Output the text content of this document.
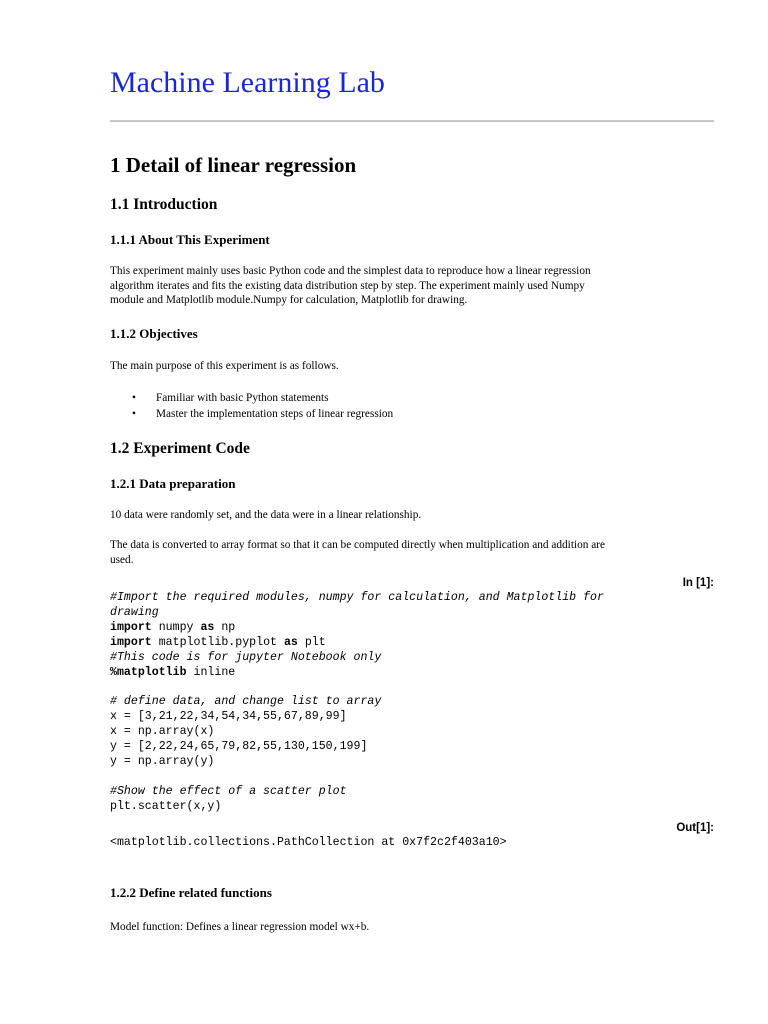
Machine Learning Lab
1 Detail of linear regression
1.1 Introduction
1.1.1 About This Experiment
This experiment mainly uses basic Python code and the simplest data to reproduce how a linear regression
algorithm iterates and fits the existing data distribution step by step. The experiment mainly used Numpy
module and Matplotlib module.Numpy for calculation, Matplotlib for drawing.
1.1.2 Objectives

The main purpose of this experiment is as follows.

• Familiar with basic Python statements
• Master the implementation steps of linear regression
1.2 Experiment Code
1.2.1 Data preparation

10 data were randomly set, and the data were in a linear relationship.

The data is converted to array format so that it can be computed directly when multiplication and addition are
used.
In [1]:
#Import the required modules, numpy for calculation, and Matplotlib for
drawing
import numpy as np
import matplotlib.pyplot as plt
#This code is for jupyter Notebook only
%matplotlib inline

# define data, and change list to array
x = [3,21,22,34,54,34,55,67,89,99]
x = np.array(x)
y = [2,22,24,65,79,82,55,130,150,199]
y = np.array(y)

#Show the effect of a scatter plot
plt.scatter(x,y)
Out[1]:
<matplotlib.collections.PathCollection at 0x7f2c2f403a10>
1.2.2 Define related functions

Model function: Defines a linear regression model wx+b.
